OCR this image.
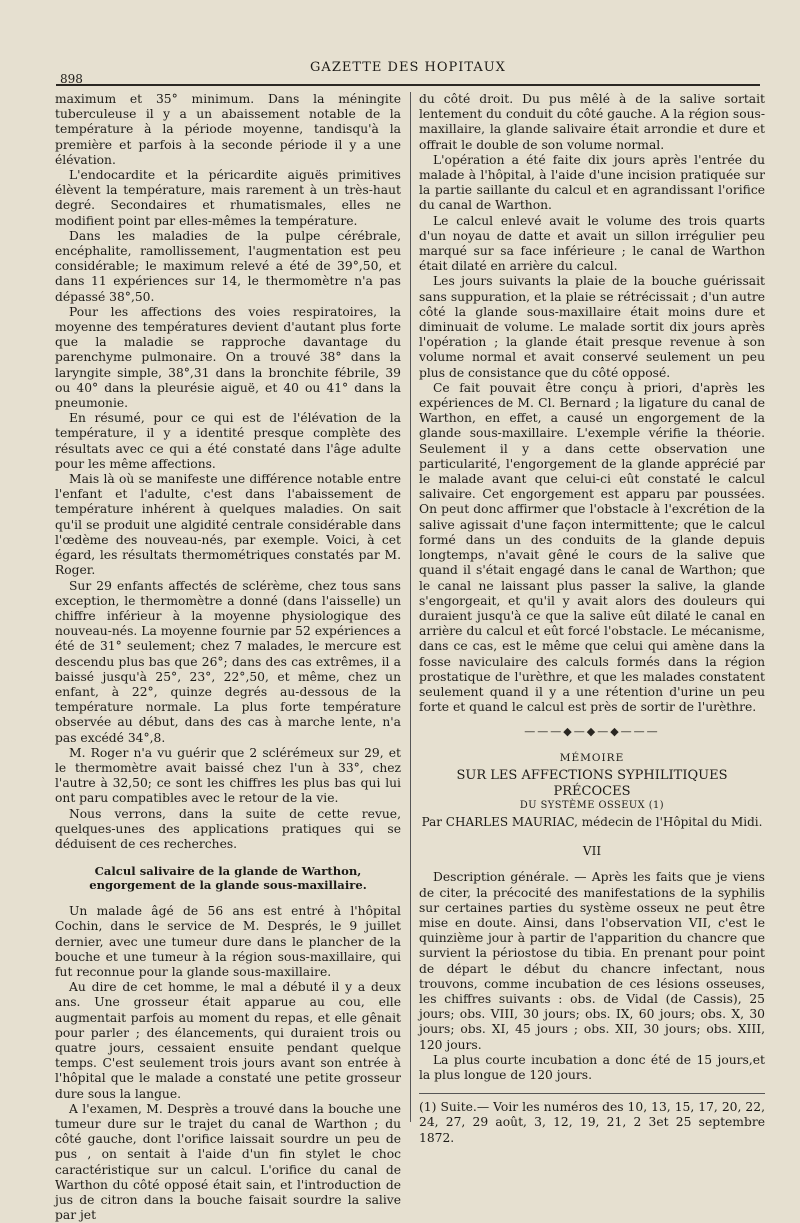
898
GAZETTE DES HOPITAUX

maximum et 35° minimum. Dans la méningite tuberculeuse il y a un abaissement notable de la température à la période moyenne, tandisqu'à la première et parfois à la seconde période il y a une élévation.

L'endocardite et la péricardite aiguës primitives élèvent la température, mais rarement à un très-haut degré. Secondaires et rhumatismales, elles ne modifient point par elles-mêmes la température.

Dans les maladies de la pulpe cérébrale, encéphalite, ramollissement, l'augmentation est peu considérable; le maximum relevé a été de 39°,50, et dans 11 expériences sur 14, le thermomètre n'a pas dépassé 38°,50.

Pour les affections des voies respiratoires, la moyenne des températures devient d'autant plus forte que la maladie se rapproche davantage du parenchyme pulmonaire. On a trouvé 38° dans la laryngite simple, 38°,31 dans la bronchite fébrile, 39 ou 40° dans la pleurésie aiguë, et 40 ou 41° dans la pneumonie.

En résumé, pour ce qui est de l'élévation de la température, il y a identité presque complète des résultats avec ce qui a été constaté dans l'âge adulte pour les même affections.

Mais là où se manifeste une différence notable entre l'enfant et l'adulte, c'est dans l'abaissement de température inhérent à quelques maladies. On sait qu'il se produit une algidité centrale considérable dans l'œdème des nouveau-nés, par exemple. Voici, à cet égard, les résultats thermométriques constatés par M. Roger.

Sur 29 enfants affectés de sclérème, chez tous sans exception, le thermomètre a donné (dans l'aisselle) un chiffre inférieur à la moyenne physiologique des nouveau-nés. La moyenne fournie par 52 expériences a été de 31° seulement; chez 7 malades, le mercure est descendu plus bas que 26°; dans des cas extrêmes, il a baissé jusqu'à 25°, 23°, 22°,50, et même, chez un enfant, à 22°, quinze degrés au-dessous de la température normale. La plus forte température observée au début, dans des cas à marche lente, n'a pas excédé 34°,8.

M. Roger n'a vu guérir que 2 sclérémeux sur 29, et le thermomètre avait baissé chez l'un à 33°, chez l'autre à 32,50; ce sont les chiffres les plus bas qui lui ont paru compatibles avec le retour de la vie.

Nous verrons, dans la suite de cette revue, quelques-unes des applications pratiques qui se déduisent de ces recherches.

Calcul salivaire de la glande de Warthon, engorgement de la glande sous-maxillaire.

Un malade âgé de 56 ans est entré à l'hôpital Cochin, dans le service de M. Després, le 9 juillet dernier, avec une tumeur dure dans le plancher de la bouche et une tumeur à la région sous-maxillaire, qui fut reconnue pour la glande sous-maxillaire.

Au dire de cet homme, le mal a débuté il y a deux ans. Une grosseur était apparue au cou, elle augmentait parfois au moment du repas, et elle gênait pour parler ; des élancements, qui duraient trois ou quatre jours, cessaient ensuite pendant quelque temps. C'est seulement trois jours avant son entrée à l'hôpital que le malade a constaté une petite grosseur dure sous la langue.

A l'examen, M. Desprès a trouvé dans la bouche une tumeur dure sur le trajet du canal de Warthon ; du côté gauche, dont l'orifice laissait sourdre un peu de pus , on sentait à l'aide d'un fin stylet le choc caractéristique sur un calcul. L'orifice du canal de Warthon du côté opposé était sain, et l'introduction de jus de citron dans la bouche faisait sourdre la salive par jet

du côté droit. Du pus mêlé à de la salive sortait lentement du conduit du côté gauche. A la région sous-maxillaire, la glande salivaire était arrondie et dure et offrait le double de son volume normal.

L'opération a été faite dix jours après l'entrée du malade à l'hôpital, à l'aide d'une incision pratiquée sur la partie saillante du calcul et en agrandissant l'orifice du canal de Warthon.

Le calcul enlevé avait le volume des trois quarts d'un noyau de datte et avait un sillon irrégulier peu marqué sur sa face inférieure ; le canal de Warthon était dilaté en arrière du calcul.

Les jours suivants la plaie de la bouche guérissait sans suppuration, et la plaie se rétrécissait ; d'un autre côté la glande sous-maxillaire était moins dure et diminuait de volume. Le malade sortit dix jours après l'opération ; la glande était presque revenue à son volume normal et avait conservé seulement un peu plus de consistance que du côté opposé.

Ce fait pouvait être conçu à priori, d'après les expériences de M. Cl. Bernard ; la ligature du canal de Warthon, en effet, a causé un engorgement de la glande sous-maxillaire. L'exemple vérifie la théorie. Seulement il y a dans cette observation une particularité, l'engorgement de la glande apprécié par le malade avant que celui-ci eût constaté le calcul salivaire. Cet engorgement est apparu par poussées. On peut donc affirmer que l'obstacle à l'excrétion de la salive agissait d'une façon intermittente; que le calcul formé dans un des conduits de la glande depuis longtemps, n'avait gêné le cours de la salive que quand il s'était engagé dans le canal de Warthon; que le canal ne laissant plus passer la salive, la glande s'engorgeait, et qu'il y avait alors des douleurs qui duraient jusqu'à ce que la salive eût dilaté le canal en arrière du calcul et eût forcé l'obstacle. Le mécanisme, dans ce cas, est le même que celui qui amène dans la fosse naviculaire des calculs formés dans la région prostatique de l'urèthre, et que les malades constatent seulement quand il y a une rétention d'urine un peu forte et quand le calcul est près de sortir de l'urèthre.

———◆—◆—◆———
MÉMOIRE
SUR LES AFFECTIONS SYPHILITIQUES PRÉCOCES
DU SYSTÈME OSSEUX (1)
Par CHARLES MAURIAC, médecin de l'Hôpital du Midi.
VII

Description générale. — Après les faits que je viens de citer, la précocité des manifestations de la syphilis sur certaines parties du système osseux ne peut être mise en doute. Ainsi, dans l'observation VII, c'est le quinzième jour à partir de l'apparition du chancre que survient la périostose du tibia. En prenant pour point de départ le début du chancre infectant, nous trouvons, comme incubation de ces lésions osseuses, les chiffres suivants : obs. de Vidal (de Cassis), 25 jours; obs. VIII, 30 jours; obs. IX, 60 jours; obs. X, 30 jours; obs. XI, 45 jours ; obs. XII, 30 jours; obs. XIII, 120 jours.

La plus courte incubation a donc été de 15 jours,et la plus longue de 120 jours.

(1) Suite.— Voir les numéros des 10, 13, 15, 17, 20, 22, 24, 27, 29 août, 3, 12, 19, 21, 2 3et 25 septembre 1872.
